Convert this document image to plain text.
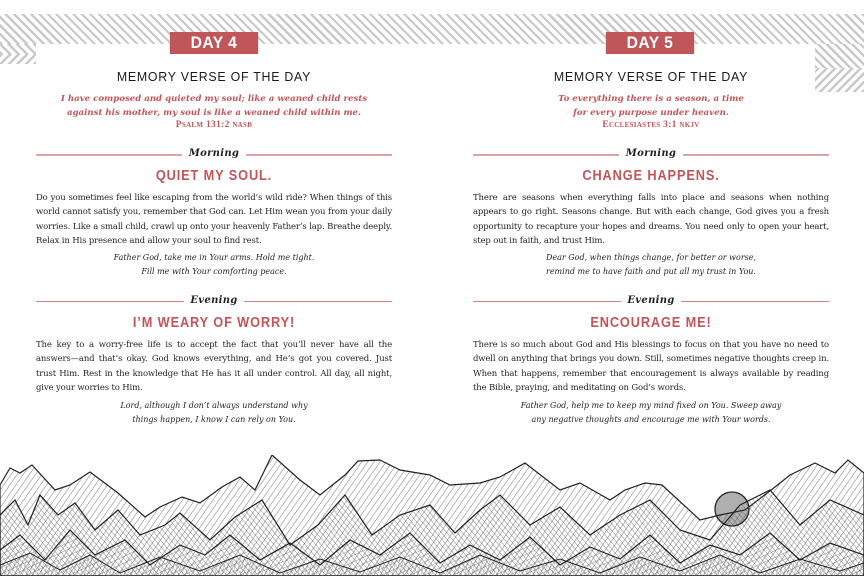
DAY 4
MEMORY VERSE OF THE DAY
I have composed and quieted my soul; like a weaned child rests
against his mother, my soul is like a weaned child within me.
Psalm 131:2 nasb
Morning
QUIET MY SOUL.
Do you sometimes feel like escaping from the world’s wild ride? When things of this world cannot satisfy you, remember that God can. Let Him wean you from your daily worries. Like a small child, crawl up onto your heavenly Father’s lap. Breathe deeply. Relax in His presence and allow your soul to find rest.
Father God, take me in Your arms. Hold me tight.
Fill me with Your comforting peace.
Evening
I’M WEARY OF WORRY!
The key to a worry-free life is to accept the fact that you’ll never have all the answers—and that’s okay. God knows everything, and He’s got you covered. Just trust Him. Rest in the knowledge that He has it all under control. All day, all night, give your worries to Him.
Lord, although I don’t always understand why
things happen, I know I can rely on You.
DAY 5
MEMORY VERSE OF THE DAY
To everything there is a season, a time
for every purpose under heaven.
Ecclesiastes 3:1 nkjv
Morning
CHANGE HAPPENS.
There are seasons when everything falls into place and seasons when nothing appears to go right. Seasons change. But with each change, God gives you a fresh opportunity to recapture your hopes and dreams. You need only to open your heart, step out in faith, and trust Him.
Dear God, when things change, for better or worse,
remind me to have faith and put all my trust in You.
Evening
ENCOURAGE ME!
There is so much about God and His blessings to focus on that you have no need to dwell on anything that brings you down. Still, sometimes negative thoughts creep in. When that happens, remember that encouragement is always available by reading the Bible, praying, and meditating on God’s words.
Father God, help me to keep my mind fixed on You. Sweep away
any negative thoughts and encourage me with Your words.
